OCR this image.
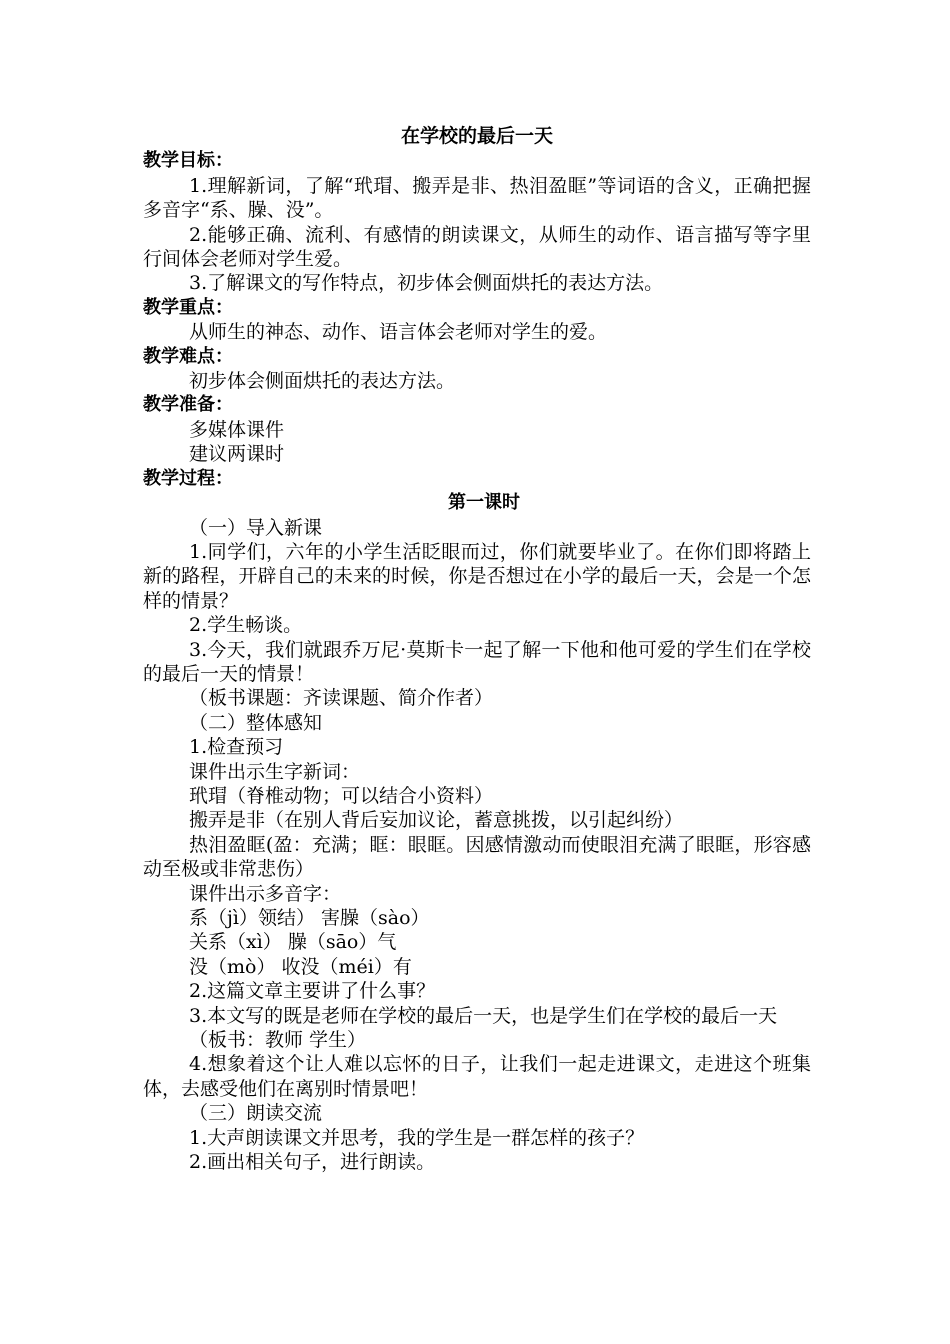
在学校的最后一天
教学目标：
1.理解新词，了解“玳瑁、搬弄是非、热泪盈眶”等词语的含义，正确把握多音字“系、臊、没”。
2.能够正确、流利、有感情的朗读课文，从师生的动作、语言描写等字里行间体会老师对学生爱。
3.了解课文的写作特点，初步体会侧面烘托的表达方法。
教学重点：
从师生的神态、动作、语言体会老师对学生的爱。
教学难点：
初步体会侧面烘托的表达方法。
教学准备：
多媒体课件
建议两课时
教学过程：
第一课时
（一）导入新课
1.同学们，六年的小学生活眨眼而过，你们就要毕业了。在你们即将踏上新的路程，开辟自己的未来的时候，你是否想过在小学的最后一天，会是一个怎样的情景？
2.学生畅谈。
3.今天，我们就跟乔万尼·莫斯卡一起了解一下他和他可爱的学生们在学校的最后一天的情景！
（板书课题：齐读课题、简介作者）
（二）整体感知
1.检查预习
课件出示生字新词：
玳瑁（脊椎动物；可以结合小资料）
搬弄是非（在别人背后妄加议论，蓄意挑拨，以引起纠纷）
热泪盈眶(盈：充满；眶：眼眶。因感情激动而使眼泪充满了眼眶，形容感动至极或非常悲伤）
课件出示多音字：
系（jì）领结） 害臊（sào）
关系（xì） 臊（sāo）气
没（mò） 收没（méi）有
2.这篇文章主要讲了什么事？
3.本文写的既是老师在学校的最后一天，也是学生们在学校的最后一天
（板书：教师 学生）
4.想象着这个让人难以忘怀的日子，让我们一起走进课文，走进这个班集体，去感受他们在离别时情景吧！
（三）朗读交流
1.大声朗读课文并思考，我的学生是一群怎样的孩子？
2.画出相关句子，进行朗读。
